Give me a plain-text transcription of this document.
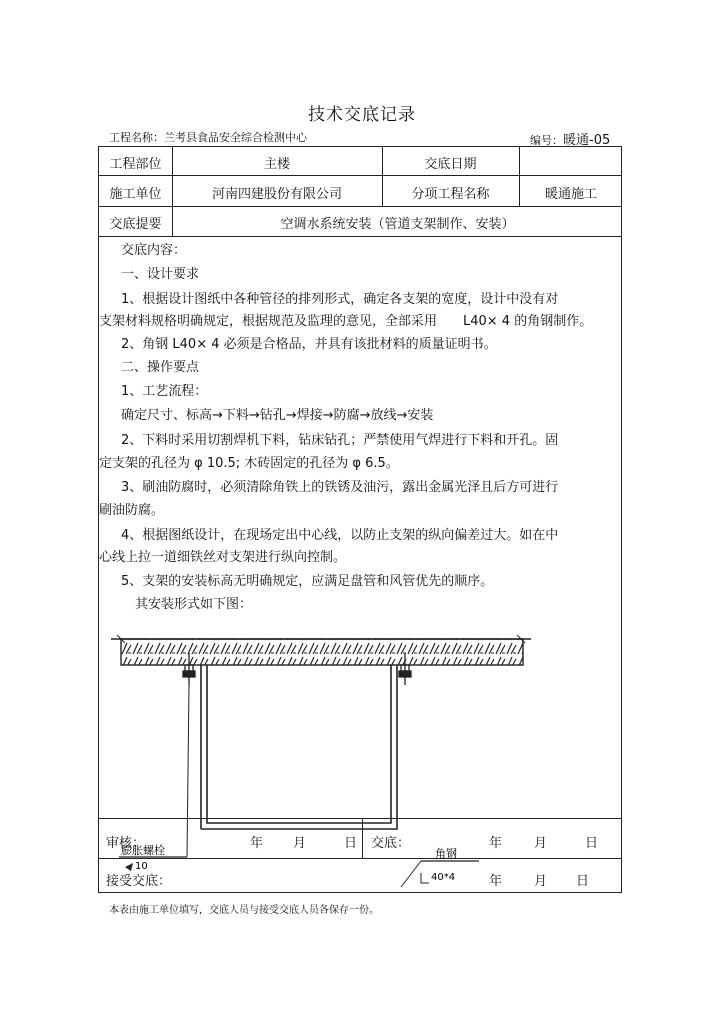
技术交底记录
工程名称：兰考县食品安全综合检测中心	编号：暖通-05
工程部位	主楼	交底日期
施工单位	河南四建股份有限公司	分项工程名称	暖通施工
交底提要	空调水系统安装（管道支架制作、安装）
交底内容：
一、设计要求
1、根据设计图纸中各种管径的排列形式，确定各支架的宽度，设计中没有对
支架材料规格明确规定，根据规范及监理的意见，全部采用　　L40× 4 的角钢制作。
2、角钢 L40× 4 必须是合格品，并具有该批材料的质量证明书。
二、操作要点
1、工艺流程：
确定尺寸、标高→下料→钻孔→焊接→防腐→放线→安装
2、下料时采用切割焊机下料，钻床钻孔；严禁使用气焊进行下料和开孔。固
定支架的孔径为 φ 10.5; 木砖固定的孔径为 φ 6.5。
3、刷油防腐时，必须清除角铁上的铁锈及油污，露出金属光泽且后方可进行
刷油防腐。
4、根据图纸设计，在现场定出中心线，以防止支架的纵向偏差过大。如在中
心线上拉一道细铁丝对支架进行纵向控制。
5、支架的安装标高无明确规定，应满足盘管和风管优先的顺序。
其安装形式如下图：
膨胀螺栓
10
角钢
40*4
审核：	年 月	日 交底：	年 月	日
接受交底：	年 月 日
本表由施工单位填写，交底人员与接受交底人员各保存一份。
